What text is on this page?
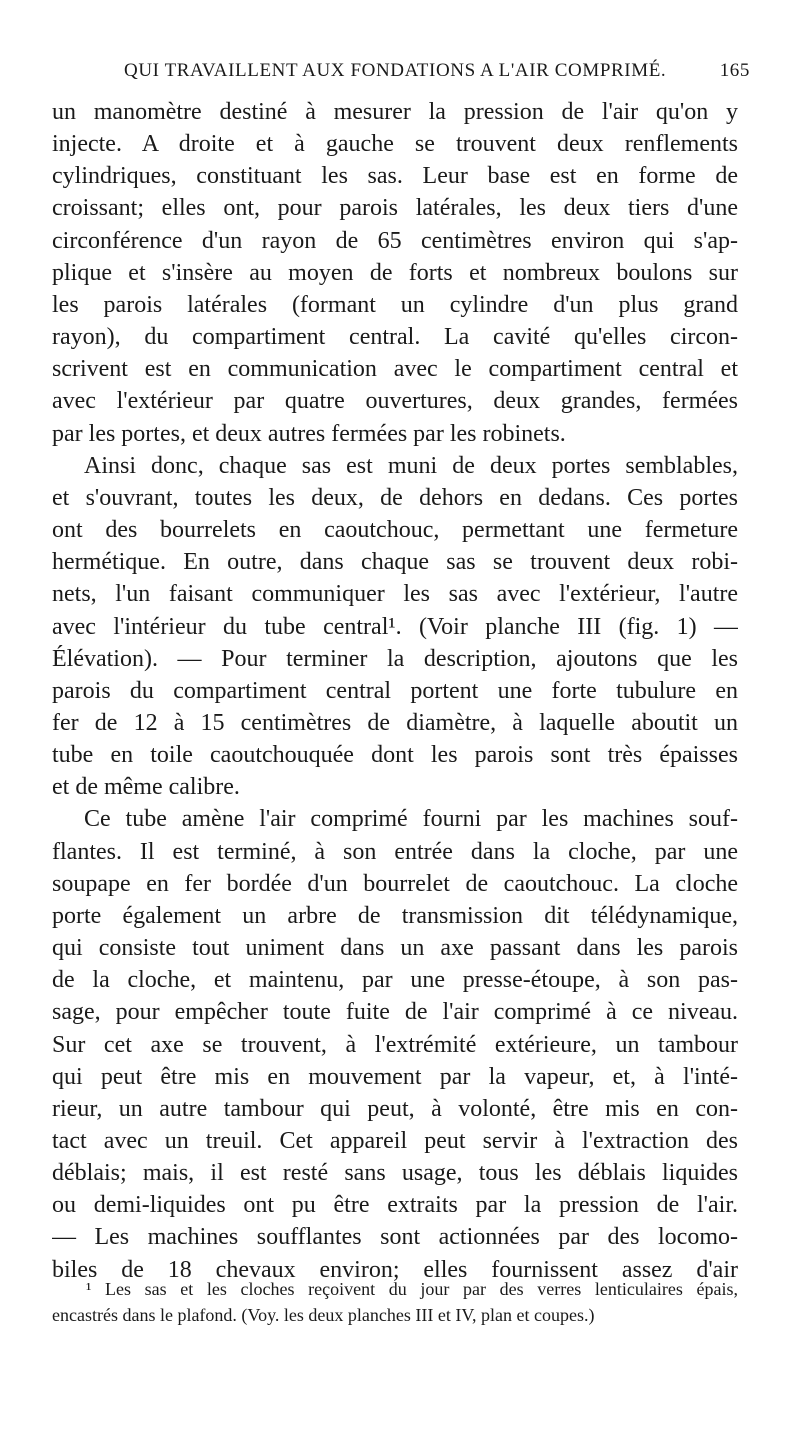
QUI TRAVAILLENT AUX FONDATIONS A L'AIR COMPRIMÉ.	165
un manomètre destiné à mesurer la pression de l'air qu'on y
injecte. A droite et à gauche se trouvent deux renflements
cylindriques, constituant les sas. Leur base est en forme de
croissant; elles ont, pour parois latérales, les deux tiers d'une
circonférence d'un rayon de 65 centimètres environ qui s'ap-
plique et s'insère au moyen de forts et nombreux boulons sur
les parois latérales (formant un cylindre d'un plus grand
rayon), du compartiment central. La cavité qu'elles circon-
scrivent est en communication avec le compartiment central et
avec l'extérieur par quatre ouvertures, deux grandes, fermées
par les portes, et deux autres fermées par les robinets.
Ainsi donc, chaque sas est muni de deux portes semblables,
et s'ouvrant, toutes les deux, de dehors en dedans. Ces portes
ont des bourrelets en caoutchouc, permettant une fermeture
hermétique. En outre, dans chaque sas se trouvent deux robi-
nets, l'un faisant communiquer les sas avec l'extérieur, l'autre
avec l'intérieur du tube central¹. (Voir planche III (fig. 1) —
Élévation). — Pour terminer la description, ajoutons que les
parois du compartiment central portent une forte tubulure en
fer de 12 à 15 centimètres de diamètre, à laquelle aboutit un
tube en toile caoutchouquée dont les parois sont très épaisses
et de même calibre.
Ce tube amène l'air comprimé fourni par les machines souf-
flantes. Il est terminé, à son entrée dans la cloche, par une
soupape en fer bordée d'un bourrelet de caoutchouc. La cloche
porte également un arbre de transmission dit télédynamique,
qui consiste tout uniment dans un axe passant dans les parois
de la cloche, et maintenu, par une presse-étoupe, à son pas-
sage, pour empêcher toute fuite de l'air comprimé à ce niveau.
Sur cet axe se trouvent, à l'extrémité extérieure, un tambour
qui peut être mis en mouvement par la vapeur, et, à l'inté-
rieur, un autre tambour qui peut, à volonté, être mis en con-
tact avec un treuil. Cet appareil peut servir à l'extraction des
déblais; mais, il est resté sans usage, tous les déblais liquides
ou demi-liquides ont pu être extraits par la pression de l'air.
— Les machines soufflantes sont actionnées par des locomo-
biles de 18 chevaux environ; elles fournissent assez d'air
¹ Les sas et les cloches reçoivent du jour par des verres lenticulaires épais,
encastrés dans le plafond. (Voy. les deux planches III et IV, plan et coupes.)
